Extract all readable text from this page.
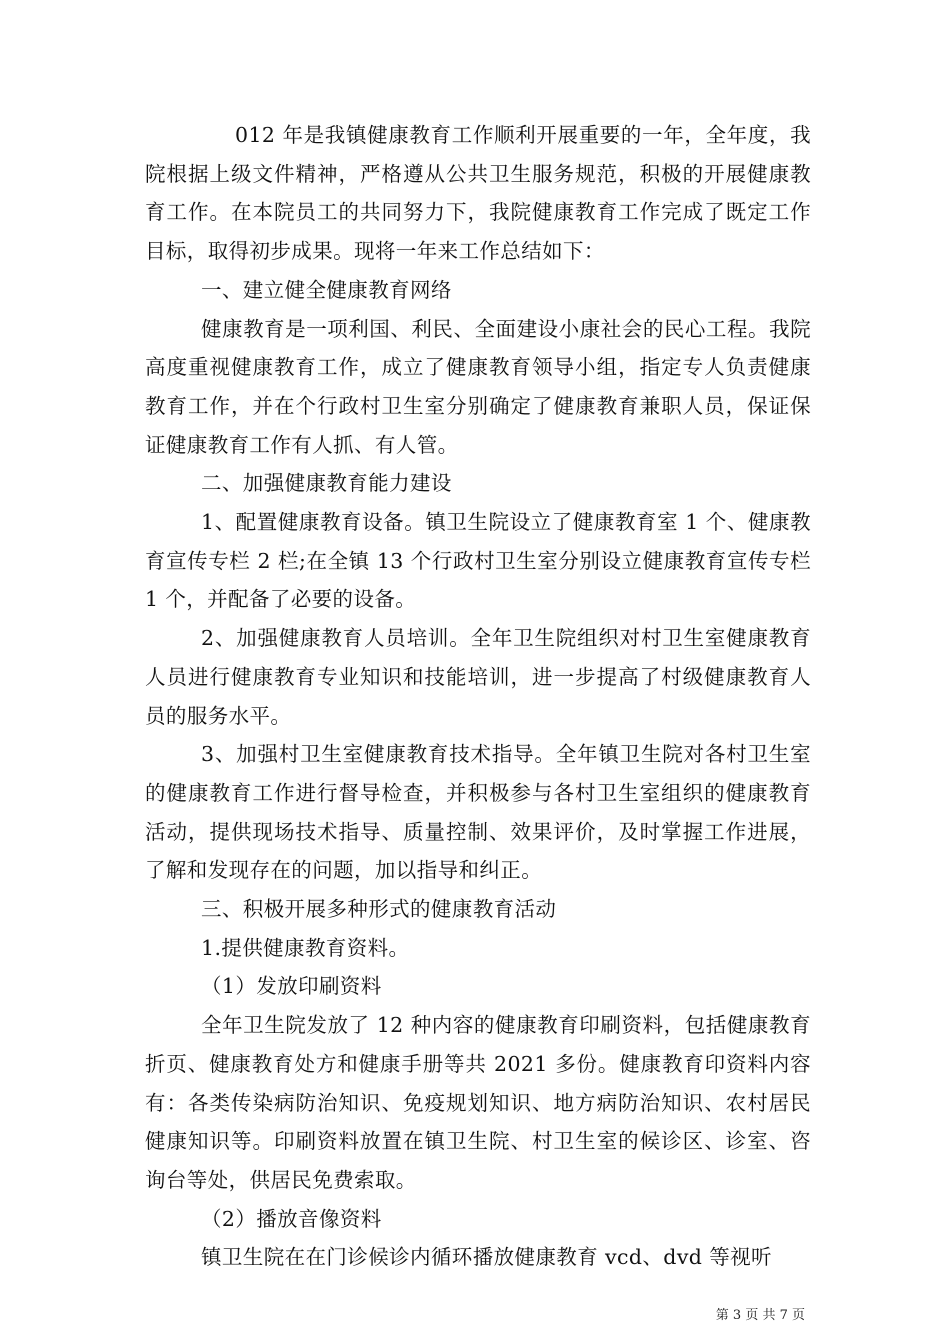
012 年是我镇健康教育工作顺利开展重要的一年，全年度，我院根据上级文件精神，严格遵从公共卫生服务规范，积极的开展健康教育工作。在本院员工的共同努力下，我院健康教育工作完成了既定工作目标，取得初步成果。现将一年来工作总结如下：

一、建立健全健康教育网络

健康教育是一项利国、利民、全面建设小康社会的民心工程。我院高度重视健康教育工作，成立了健康教育领导小组，指定专人负责健康教育工作，并在个行政村卫生室分别确定了健康教育兼职人员，保证保证健康教育工作有人抓、有人管。

二、加强健康教育能力建设

1、配置健康教育设备。镇卫生院设立了健康教育室 1 个、健康教育宣传专栏 2 栏;在全镇 13 个行政村卫生室分别设立健康教育宣传专栏 1 个，并配备了必要的设备。

2、加强健康教育人员培训。全年卫生院组织对村卫生室健康教育人员进行健康教育专业知识和技能培训，进一步提高了村级健康教育人员的服务水平。

3、加强村卫生室健康教育技术指导。全年镇卫生院对各村卫生室的健康教育工作进行督导检查，并积极参与各村卫生室组织的健康教育活动，提供现场技术指导、质量控制、效果评价，及时掌握工作进展，了解和发现存在的问题，加以指导和纠正。

三、积极开展多种形式的健康教育活动

1.提供健康教育资料。

（1）发放印刷资料

全年卫生院发放了 12 种内容的健康教育印刷资料，包括健康教育折页、健康教育处方和健康手册等共 2021 多份。健康教育印资料内容有：各类传染病防治知识、免疫规划知识、地方病防治知识、农村居民健康知识等。印刷资料放置在镇卫生院、村卫生室的候诊区、诊室、咨询台等处，供居民免费索取。

（2）播放音像资料

镇卫生院在在门诊候诊内循环播放健康教育 vcd、dvd 等视听

第 3 页 共 7 页
